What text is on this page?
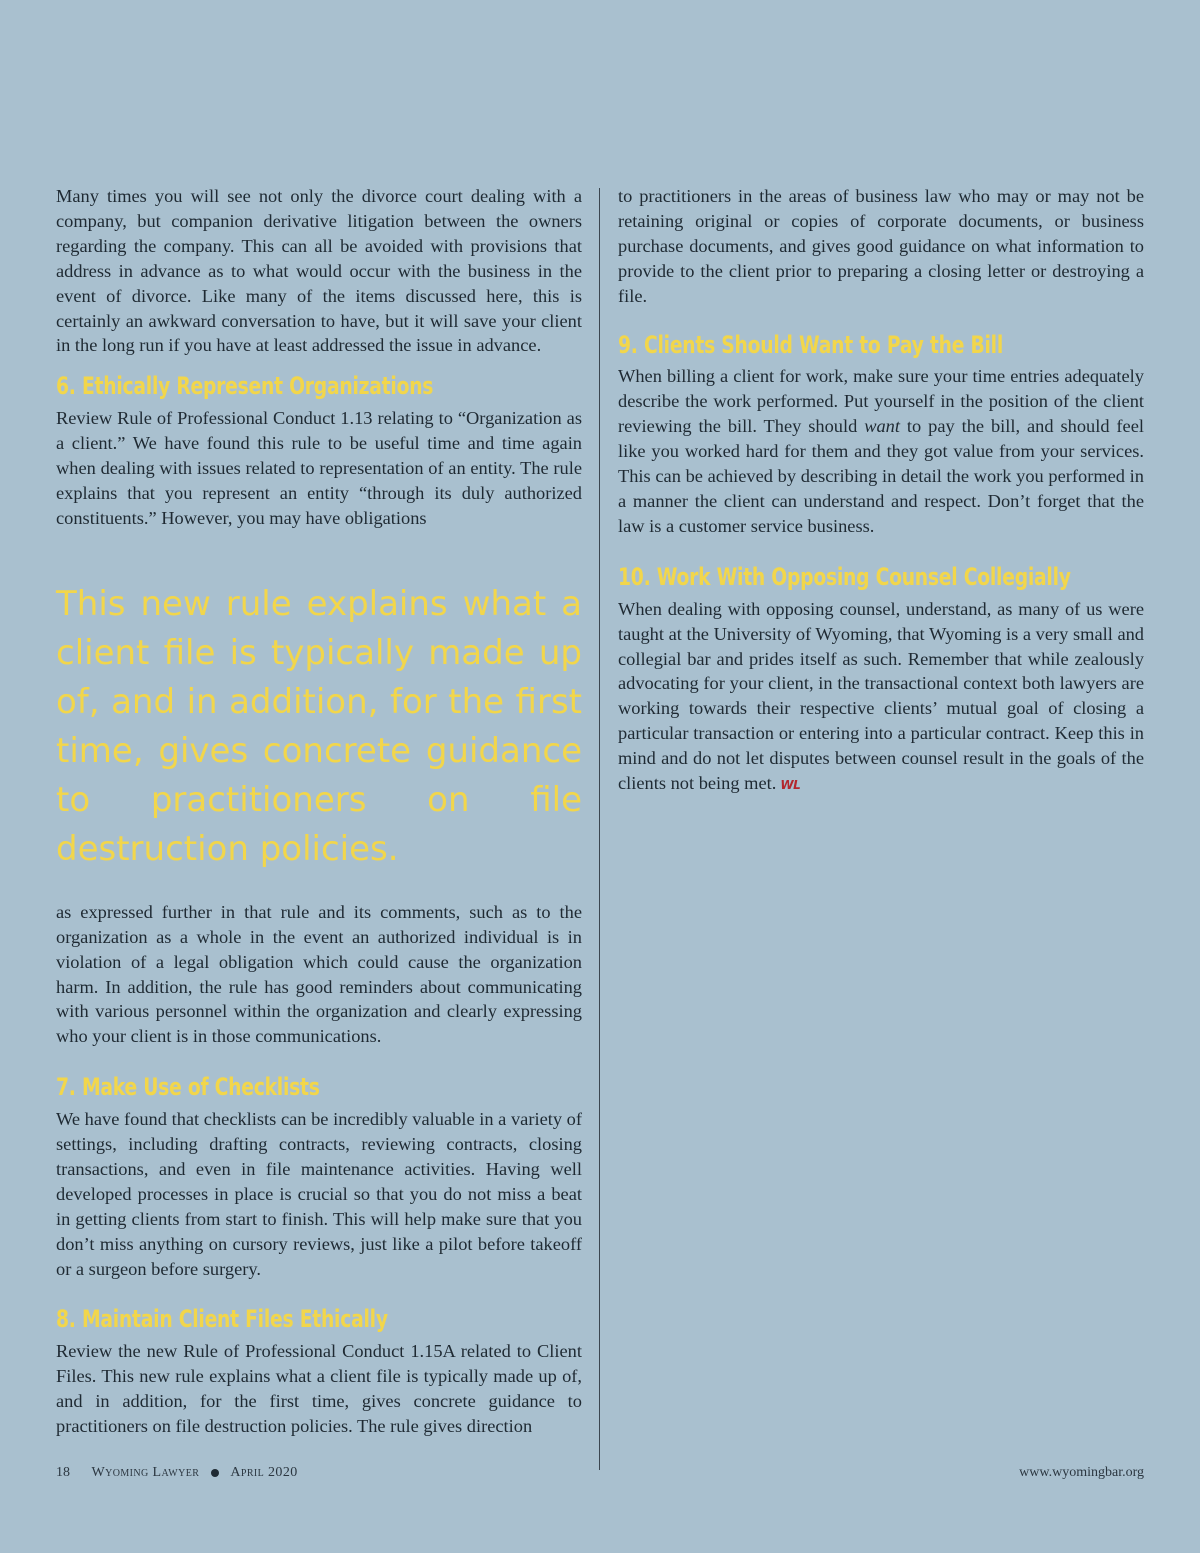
Many times you will see not only the divorce court dealing with a company, but companion derivative litigation between the owners regarding the company. This can all be avoided with provisions that address in advance as to what would occur with the business in the event of divorce. Like many of the items discussed here, this is certainly an awkward conversation to have, but it will save your client in the long run if you have at least addressed the issue in advance.

6. Ethically Represent Organizations

Review Rule of Professional Conduct 1.13 relating to “Organization as a client.” We have found this rule to be useful time and time again when dealing with issues related to representation of an entity. The rule explains that you represent an entity “through its duly authorized constituents.” However, you may have obligations

as expressed further in that rule and its comments, such as to the organization as a whole in the event an authorized individual is in violation of a legal obligation which could cause the organization harm. In addition, the rule has good reminders about communicating with various personnel within the organization and clearly expressing who your client is in those communications.

7. Make Use of Checklists

We have found that checklists can be incredibly valuable in a variety of settings, including drafting contracts, reviewing contracts, closing transactions, and even in file maintenance activities. Having well developed processes in place is crucial so that you do not miss a beat in getting clients from start to finish. This will help make sure that you don’t miss anything on cursory reviews, just like a pilot before takeoff or a surgeon before surgery.

8. Maintain Client Files Ethically

Review the new Rule of Professional Conduct 1.15A related to Client Files. This new rule explains what a client file is typically made up of, and in addition, for the first time, gives concrete guidance to practitioners on file destruction policies. The rule gives direction

This new rule explains what a client file is typically made up of, and in addition, for the first time, gives concrete guidance to practitioners on file destruction policies.

to practitioners in the areas of business law who may or may not be retaining original or copies of corporate documents, or business purchase documents, and gives good guidance on what information to provide to the client prior to preparing a closing letter or destroying a file.

9. Clients Should Want to Pay the Bill

When billing a client for work, make sure your time entries adequately describe the work performed. Put yourself in the position of the client reviewing the bill. They should want to pay the bill, and should feel like you worked hard for them and they got value from your services. This can be achieved by describing in detail the work you performed in a manner the client can understand and respect. Don’t forget that the law is a customer service business.

10. Work With Opposing Counsel Collegially

When dealing with opposing counsel, understand, as many of us were taught at the University of Wyoming, that Wyoming is a very small and collegial bar and prides itself as such. Remember that while zealously advocating for your client, in the transactional context both lawyers are working towards their respective clients’ mutual goal of closing a particular transaction or entering into a particular contract. Keep this in mind and do not let disputes between counsel result in the goals of the clients not being met. WL

18 Wyoming Lawyer April 2020	www.wyomingbar.org
